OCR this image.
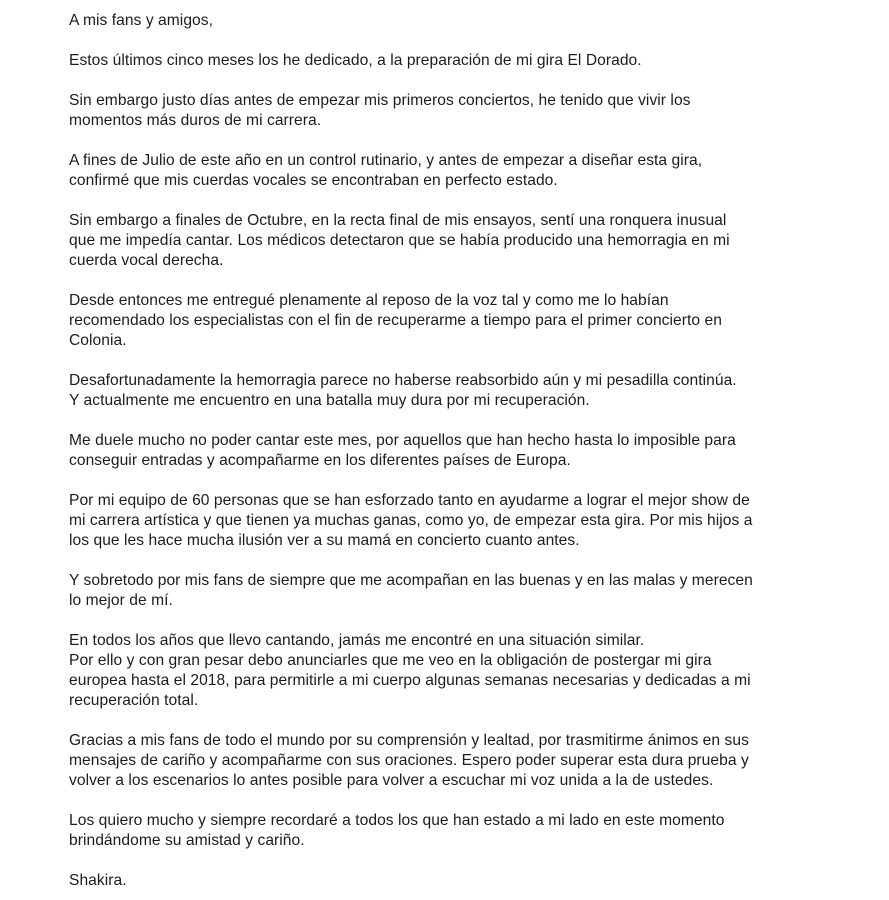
A mis fans y amigos,
Estos últimos cinco meses los he dedicado, a la preparación de mi gira El Dorado.
Sin embargo justo días antes de empezar mis primeros conciertos, he tenido que vivir los
momentos más duros de mi carrera.
A fines de Julio de este año en un control rutinario, y antes de empezar a diseñar esta gira,
confirmé que mis cuerdas vocales se encontraban en perfecto estado.
Sin embargo a finales de Octubre, en la recta final de mis ensayos, sentí una ronquera inusual
que me impedía cantar. Los médicos detectaron que se había producido una hemorragia en mi
cuerda vocal derecha.
Desde entonces me entregué plenamente al reposo de la voz tal y como me lo habían
recomendado los especialistas con el fin de recuperarme a tiempo para el primer concierto en
Colonia.
Desafortunadamente la hemorragia parece no haberse reabsorbido aún y mi pesadilla continúa.
Y actualmente me encuentro en una batalla muy dura por mi recuperación.
Me duele mucho no poder cantar este mes, por aquellos que han hecho hasta lo imposible para
conseguir entradas y acompañarme en los diferentes países de Europa.
Por mi equipo de 60 personas que se han esforzado tanto en ayudarme a lograr el mejor show de
mi carrera artística y que tienen ya muchas ganas, como yo, de empezar esta gira. Por mis hijos a
los que les hace mucha ilusión ver a su mamá en concierto cuanto antes.
Y sobretodo por mis fans de siempre que me acompañan en las buenas y en las malas y merecen
lo mejor de mí.
En todos los años que llevo cantando, jamás me encontré en una situación similar.
Por ello y con gran pesar debo anunciarles que me veo en la obligación de postergar mi gira
europea hasta el 2018, para permitirle a mi cuerpo algunas semanas necesarias y dedicadas a mi
recuperación total.
Gracias a mis fans de todo el mundo por su comprensión y lealtad, por trasmitirme ánimos en sus
mensajes de cariño y acompañarme con sus oraciones. Espero poder superar esta dura prueba y
volver a los escenarios lo antes posible para volver a escuchar mi voz unida a la de ustedes.
Los quiero mucho y siempre recordaré a todos los que han estado a mi lado en este momento
brindándome su amistad y cariño.
Shakira.
